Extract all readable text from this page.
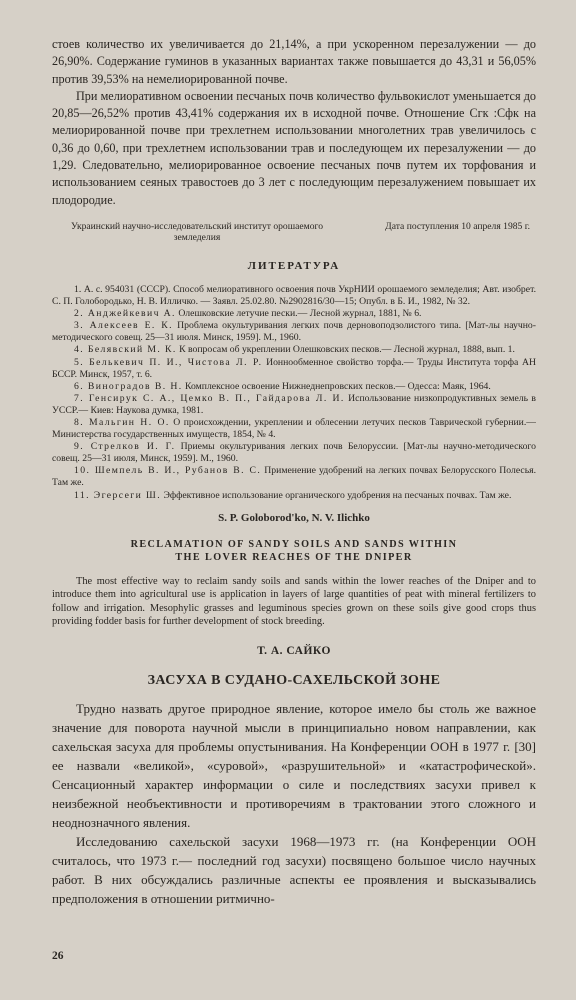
стоев количество их увеличивается до 21,14%, а при ускоренном перезалужении — до 26,90%. Содержание гуминов в указанных вариантах также повышается до 43,31 и 56,05% против 39,53% на немелиорированной почве.

При мелиоративном освоении песчаных почв количество фульвокислот уменьшается до 20,85—26,52% против 43,41% содержания их в исходной почве. Отношение Cгк :Cфк на мелиорированной почве при трехлетнем использовании многолетних трав увеличилось с 0,36 до 0,60, при трехлетнем использовании трав и последующем их перезалужении — до 1,29. Следовательно, мелиорированное освоение песчаных почв путем их торфования и использованием сеяных травостоев до 3 лет с последующим перезалужением повышает их плодородие.

Украинский научно-исследовательский институт орошаемого земледелия
Дата поступления 10 апреля 1985 г.
ЛИТЕРАТУРА

1. А. с. 954031 (СССР). Способ мелиоративного освоения почв УкрНИИ орошаемого земледелия; Авт. изобрет. С. П. Голобородько, Н. В. Илличко. — Заявл. 25.02.80. №2902816/30—15; Опубл. в Б. И., 1982, № 32.

2. Анджейкевич А. Олешковские летучие пески.— Лесной журнал, 1881, № 6.

3. Алексеев Е. К. Проблема окультуривания легких почв дерновоподзолистого типа. [Мат-лы научно-методического совещ. 25—31 июля. Минск, 1959]. М., 1960.

4. Белявский М. К. К вопросам об укреплении Олешковских песков.— Лесной журнал, 1888, вып. 1.

5. Белькевич П. И., Чистова Л. Р. Ионнообменное свойство торфа.— Труды Института торфа АН БССР. Минск, 1957, т. 6.

6. Виноградов В. Н. Комплексное освоение Нижнеднепровских песков.— Одесса: Маяк, 1964.

7. Генсирук С. А., Цемко В. П., Гайдарова Л. И. Использование низкопродуктивных земель в УССР.— Киев: Наукова думка, 1981.

8. Мальгин Н. О. О происхождении, укреплении и облесении летучих песков Таврической губернии.— Министерства государственных имуществ, 1854, № 4.

9. Стрелков И. Г. Приемы окультуривания легких почв Белоруссии. [Мат-лы научно-методического совещ. 25—31 июля, Минск, 1959]. М., 1960.

10. Шемпель В. И., Рубанов В. С. Применение удобрений на легких почвах Белорусского Полесья. Там же.

11. Эгерсеги Ш. Эффективное использование органического удобрения на песчаных почвах. Там же.

S. P. Goloborod'ko, N. V. Ilichko
RECLAMATION OF SANDY SOILS AND SANDS WITHIN
THE LOVER REACHES OF THE DNIPER

The most effective way to reclaim sandy soils and sands within the lower reaches of the Dniper and to introduce them into agricultural use is application in layers of large quantities of peat with mineral fertilizers to follow and irrigation. Mesophylic grasses and leguminous species grown on these soils give good crops thus providing fodder basis for further development of stock breeding.

Т. А. САЙКО
ЗАСУХА В СУДАНО-САХЕЛЬСКОЙ ЗОНЕ

Трудно назвать другое природное явление, которое имело бы столь же важное значение для поворота научной мысли в принципиально новом направлении, как сахельская засуха для проблемы опустынивания. На Конференции ООН в 1977 г. [30] ее назвали «великой», «суровой», «разрушительной» и «катастрофической». Сенсационный характер информации о силе и последствиях засухи привел к неизбежной необъективности и противоречиям в трактовании этого сложного и неоднозначного явления.

Исследованию сахельской засухи 1968—1973 гг. (на Конференции ООН считалось, что 1973 г.— последний год засухи) посвящено большое число научных работ. В них обсуждались различные аспекты ее проявления и высказывались предположения в отношении ритмично-

26
